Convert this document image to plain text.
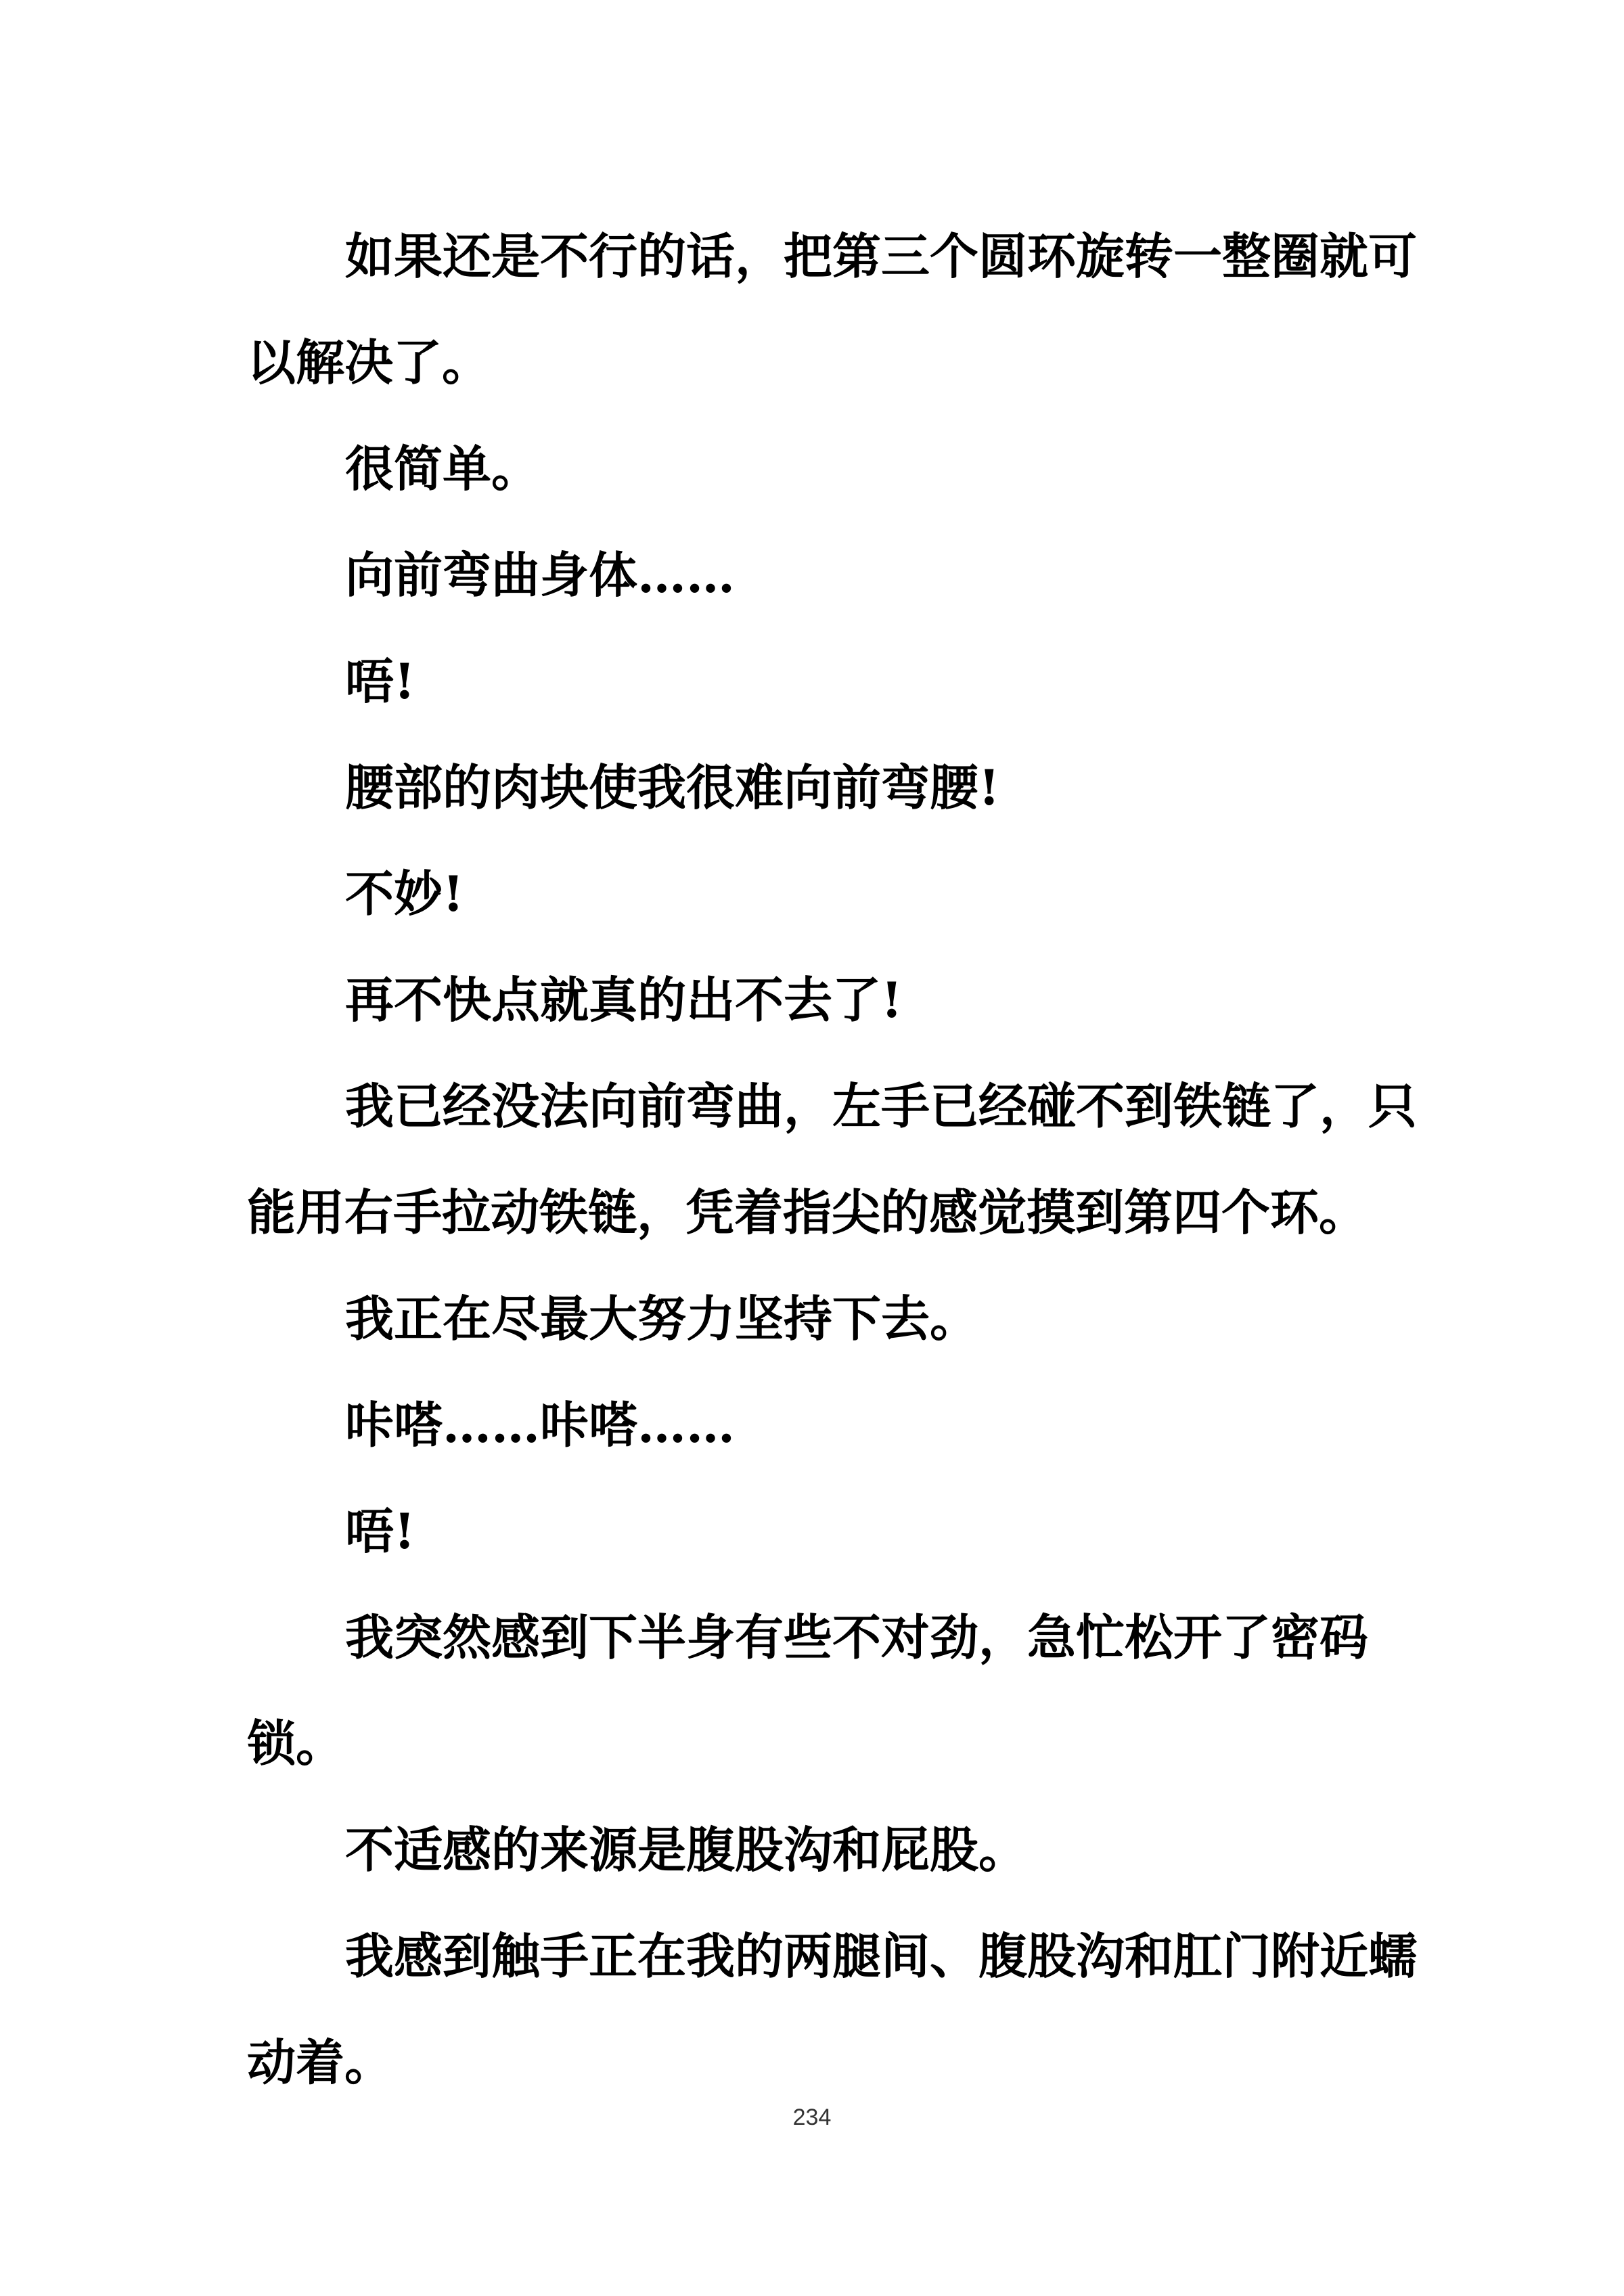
如果还是不行的话，把第三个圆环旋转一整圈就可以解决了。

很简单。

向前弯曲身体……

唔!

腰部的肉块使我很难向前弯腰!

不妙!

再不快点就真的出不去了!

我已经没法向前弯曲，左手已经碰不到铁链了，只能用右手拉动铁链，凭着指尖的感觉摸到第四个环。

我正在尽最大努力坚持下去。

咔嗒……咔嗒……

唔!

我突然感到下半身有些不对劲，急忙松开了密码锁。

不适感的来源是腹股沟和屁股。

我感到触手正在我的两腿间、腹股沟和肛门附近蠕动着。

234
